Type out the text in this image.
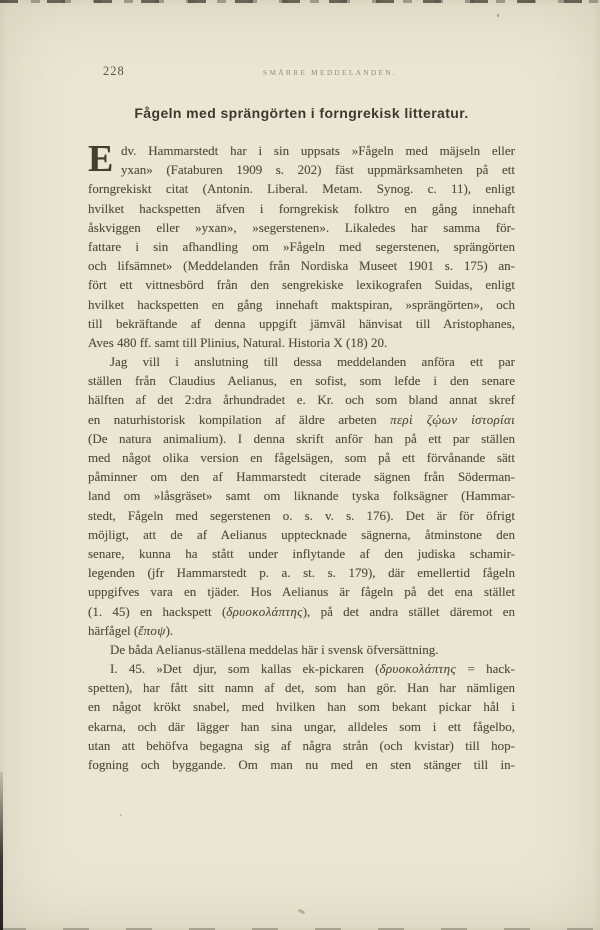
228	SMÄRRE MEDDELANDEN.
Fågeln med sprängörten i forngrekisk litteratur.
E dv. Hammarstedt har i sin uppsats »Fågeln med mäjseln eller
yxan» (Fataburen 1909 s. 202) fäst uppmärksamheten på ett
forngrekiskt citat (Antonin. Liberal. Metam. Synog. c. 11), enligt
hvilket hackspetten äfven i forngrekisk folktro en gång innehaft
åskviggen eller »yxan», »segerstenen». Likaledes har samma för-
fattare i sin afhandling om »Fågeln med segerstenen, sprängörten
och lifsämnet» (Meddelanden från Nordiska Museet 1901 s. 175) an-
fört ett vittnesbörd från den sengrekiske lexikografen Suidas, enligt
hvilket hackspetten en gång innehaft maktspiran, »sprängörten», och
till bekräftande af denna uppgift jämväl hänvisat till Aristophanes,
Aves 480 ff. samt till Plinius, Natural. Historia X (18) 20.
Jag vill i anslutning till dessa meddelanden anföra ett par
ställen från Claudius Aelianus, en sofist, som lefde i den senare
hälften af det 2:dra århundradet e. Kr. och som bland annat skref
en naturhistorisk kompilation af äldre arbeten περὶ ζῴων ἱστορίαι
(De natura animalium). I denna skrift anför han på ett par ställen
med något olika version en fågelsägen, som på ett förvånande sätt
påminner om den af Hammarstedt citerade sägnen från Söderman-
land om »låsgräset» samt om liknande tyska folksägner (Hammar-
stedt, Fågeln med segerstenen o. s. v. s. 176). Det är för öfrigt
möjligt, att de af Aelianus upptecknade sägnerna, åtminstone den
senare, kunna ha stått under inflytande af den judiska schamir-
legenden (jfr Hammarstedt p. a. st. s. 179), där emellertid fågeln
uppgifves vara en tjäder. Hos Aelianus är fågeln på det ena stället
(1. 45) en hackspett (δρυοκολάπτης), på det andra stället däremot en
härfågel (ἔποψ).
De båda Aelianus-ställena meddelas här i svensk öfversättning.
I. 45. »Det djur, som kallas ek-pickaren (δρυοκολάπτης = hack-
spetten), har fått sitt namn af det, som han gör. Han har nämligen
en något krökt snabel, med hvilken han som bekant pickar hål i
ekarna, och där lägger han sina ungar, alldeles som i ett fågelbo,
utan att behöfva begagna sig af några strån (och kvistar) till hop-
fogning och byggande. Om man nu med en sten stänger till in-
